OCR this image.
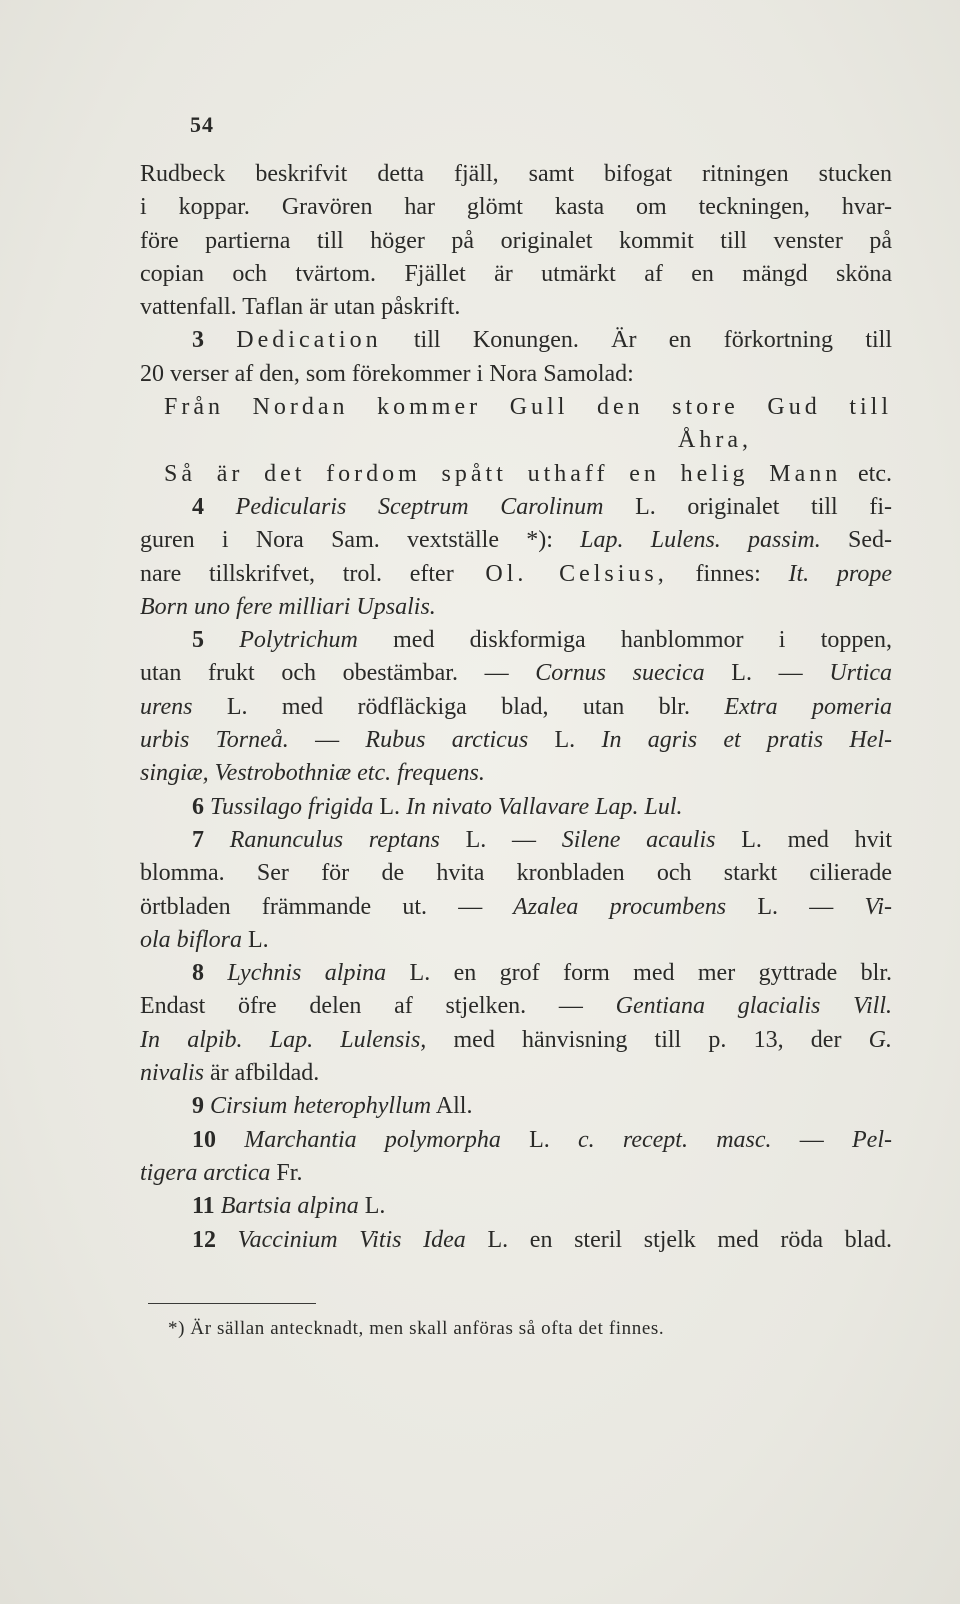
54
Rudbeck beskrifvit detta fjäll, samt bifogat ritningen stucken
i koppar. Gravören har glömt kasta om teckningen, hvar-
före partierna till höger på originalet kommit till venster på
copian och tvärtom. Fjället är utmärkt af en mängd sköna
vattenfall. Taflan är utan påskrift.
3 Dedication till Konungen. Är en förkortning till
20 verser af den, som förekommer i Nora Samolad:
Från Nordan kommer Gull den store Gud till
Åhra,
Så är det fordom spått uthaff en helig Mann etc.
4 Pedicularis Sceptrum Carolinum L. originalet till fi-
guren i Nora Sam. vextställe *): Lap. Lulens. passim. Sed-
nare tillskrifvet, trol. efter Ol. Celsius, finnes: It. prope
Born uno fere milliari Upsalis.
5 Polytrichum med diskformiga hanblommor i toppen,
utan frukt och obestämbar. — Cornus suecica L. — Urtica
urens L. med rödfläckiga blad, utan blr. Extra pomeria
urbis Torneå. — Rubus arcticus L. In agris et pratis Hel-
singiæ, Vestrobothniæ etc. frequens.
6 Tussilago frigida L. In nivato Vallavare Lap. Lul.
7 Ranunculus reptans L. — Silene acaulis L. med hvit
blomma. Ser för de hvita kronbladen och starkt cilierade
örtbladen främmande ut. — Azalea procumbens L. — Vi-
ola biflora L.
8 Lychnis alpina L. en grof form med mer gyttrade blr.
Endast öfre delen af stjelken. — Gentiana glacialis Vill.
In alpib. Lap. Lulensis, med hänvisning till p. 13, der G.
nivalis är afbildad.
9 Cirsium heterophyllum All.
10 Marchantia polymorpha L. c. recept. masc. — Pel-
tigera arctica Fr.
11 Bartsia alpina L.
12 Vaccinium Vitis Idea L. en steril stjelk med röda blad.
*) Är sällan antecknadt, men skall anföras så ofta det finnes.
